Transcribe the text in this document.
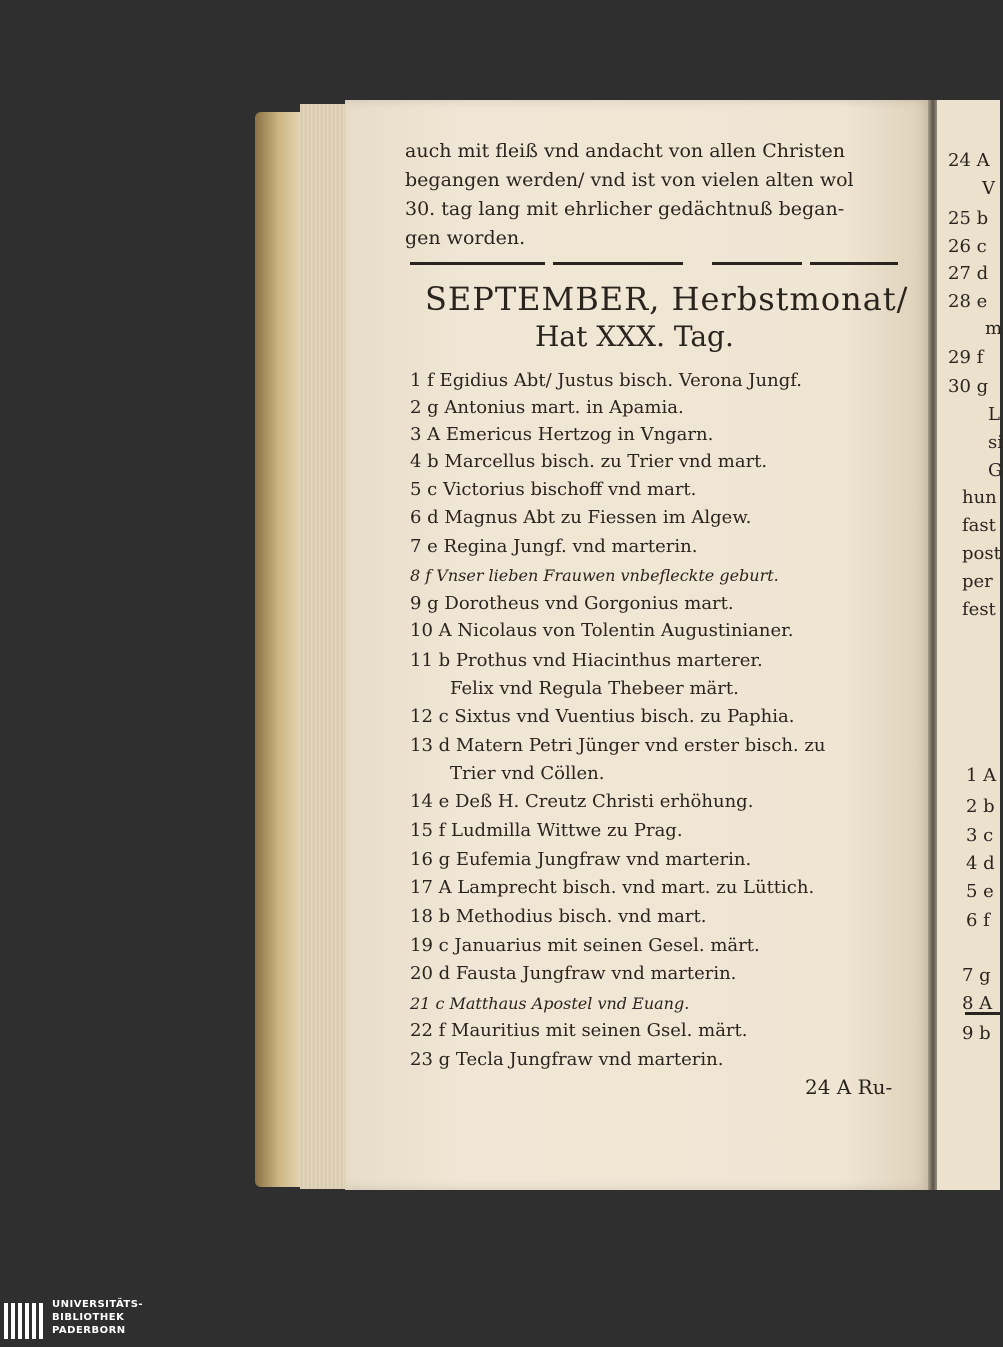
auch mit fleiß vnd andacht von allen Christen
begangen werden/ vnd ist von vielen alten wol
30. tag lang mit ehrlicher gedächtnuß began-
gen worden.
SEPTEMBER, Herbstmonat/
Hat XXX. Tag.
1 f Egidius Abt/ Justus bisch. Verona Jungf.
2 g Antonius mart. in Apamia.
3 A Emericus Hertzog in Vngarn.
4 b Marcellus bisch. zu Trier vnd mart.
5 c Victorius bischoff vnd mart.
6 d Magnus Abt zu Fiessen im Algew.
7 e Regina Jungf. vnd marterin.
8 f Vnser lieben Frauwen vnbefleckte geburt.
9 g Dorotheus vnd Gorgonius mart.
10 A Nicolaus von Tolentin Augustinianer.
11 b Prothus vnd Hiacinthus marterer.
Felix vnd Regula Thebeer märt.
12 c Sixtus vnd Vuentius bisch. zu Paphia.
13 d Matern Petri Jünger vnd erster bisch. zu
Trier vnd Cöllen.
14 e Deß H. Creutz Christi erhöhung.
15 f Ludmilla Wittwe zu Prag.
16 g Eufemia Jungfraw vnd marterin.
17 A Lamprecht bisch. vnd mart. zu Lüttich.
18 b Methodius bisch. vnd mart.
19 c Januarius mit seinen Gesel. märt.
20 d Fausta Jungfraw vnd marterin.
21 c Matthaus Apostel vnd Euang.
22 f Mauritius mit seinen Gsel. märt.
23 g Tecla Jungfraw vnd marterin.
24 A Ru-
24 A
V
25 b
26 c
27 d
28 e
m
29 f
30 g
L
si
G
hun
fast
post
per
fest
1 A
2 b
3 c
4 d
5 e
6 f
7 g
8 A
9 b
UNIVERSITÄTS-
BIBLIOTHEK
PADERBORN
